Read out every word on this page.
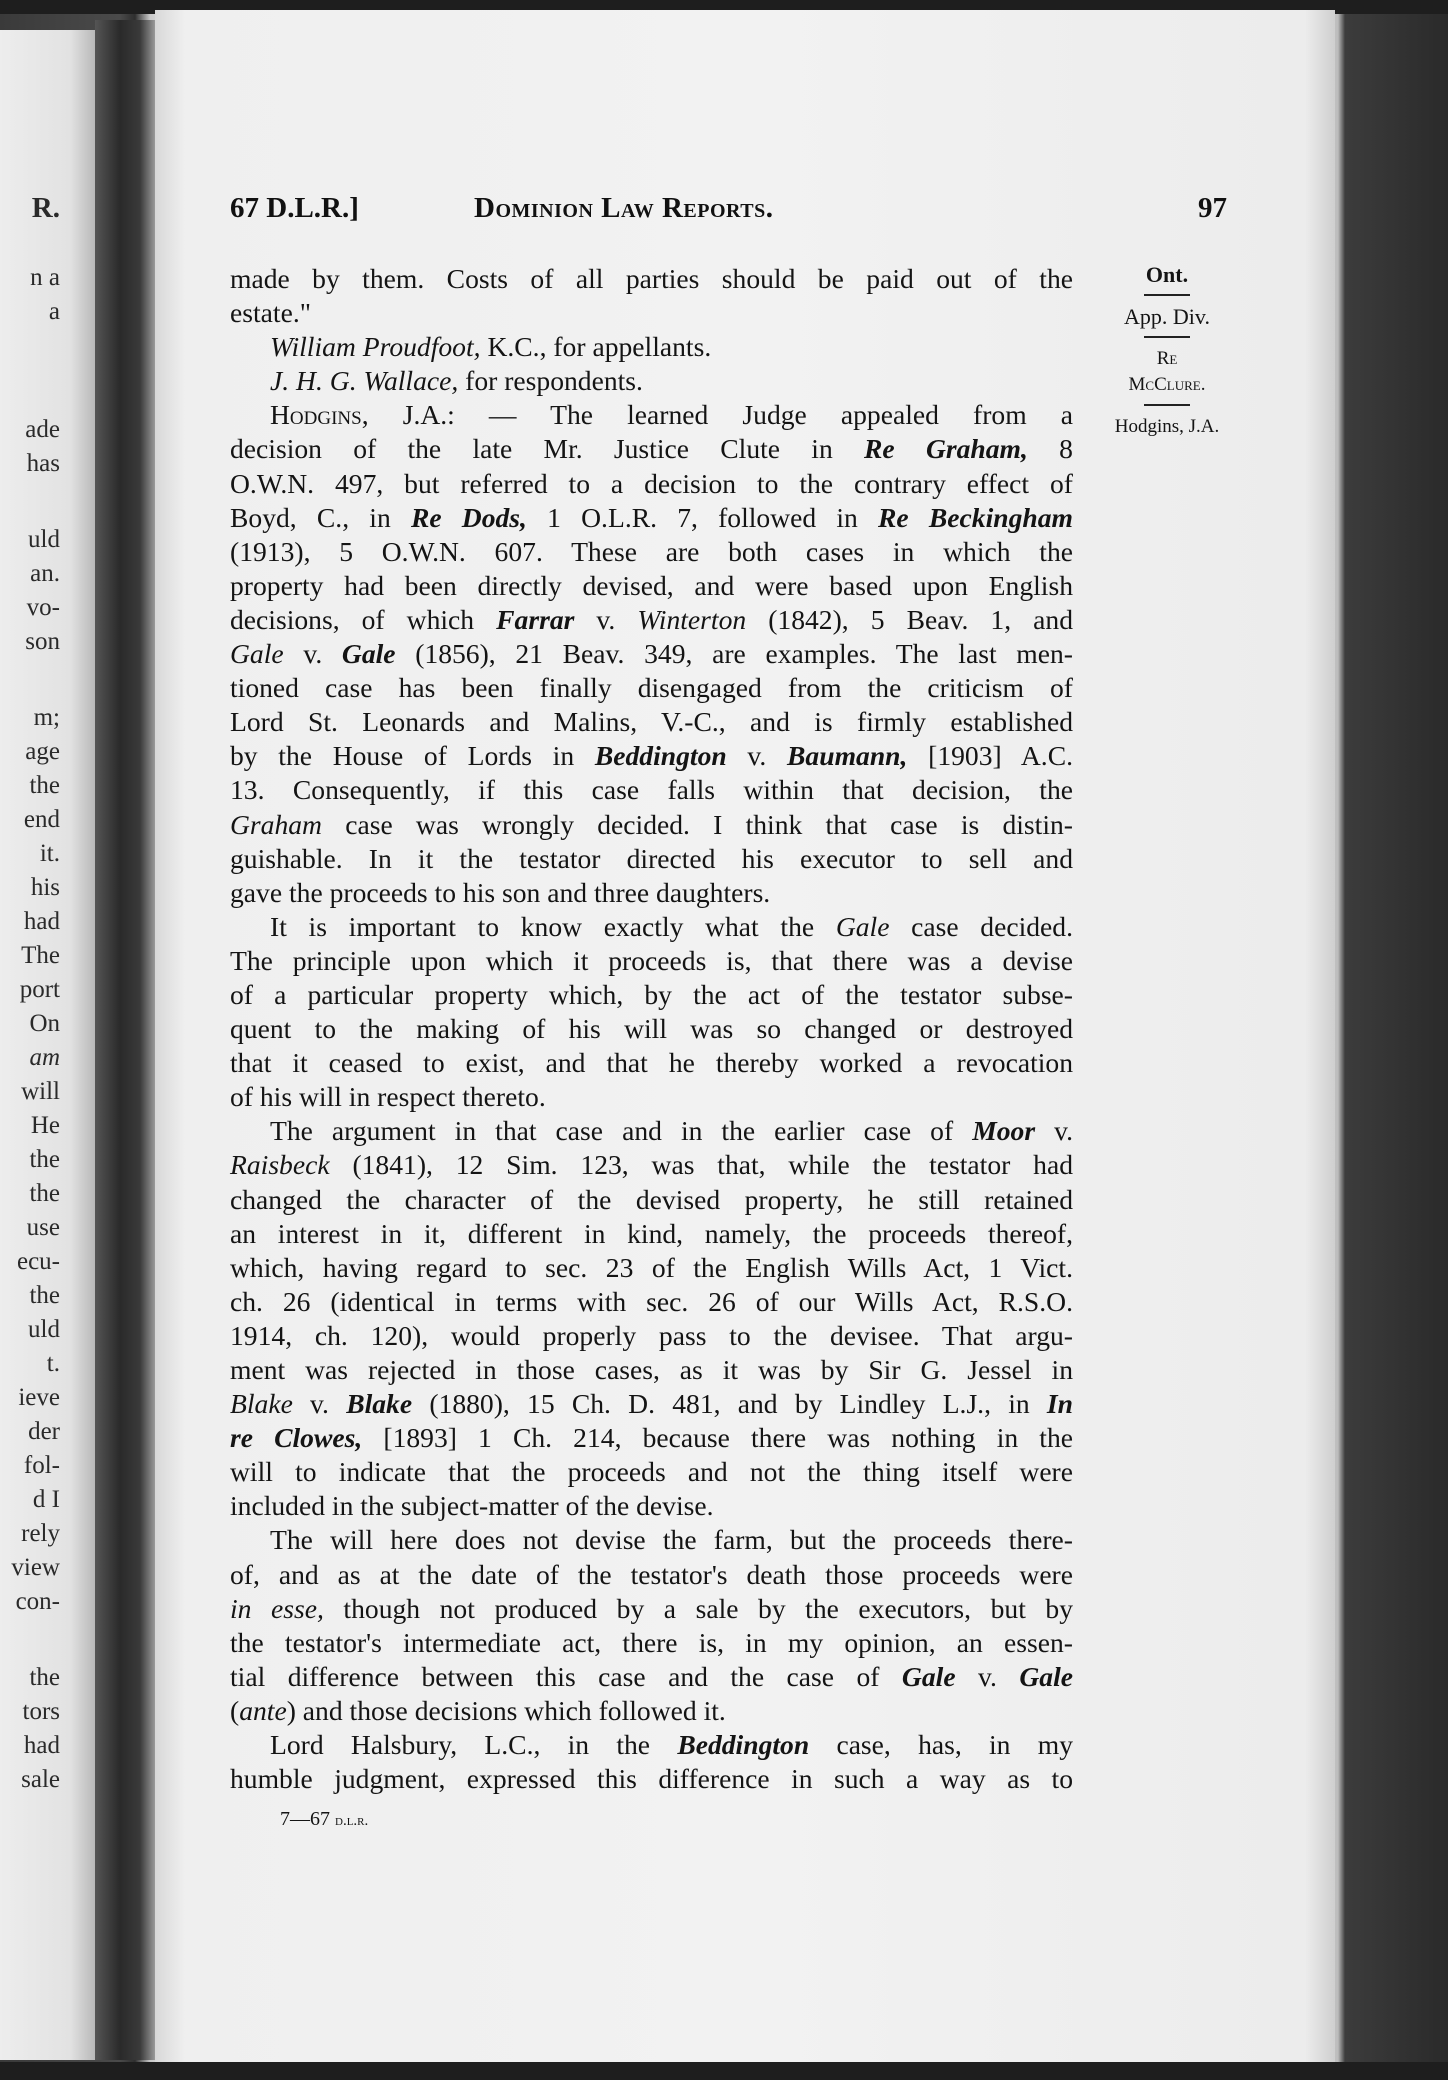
R.
n a
a
ade
has
uld
an.
vo-
son
m;
age
the
end
it.
his
had
The
port
On
am
will
He
the
the
use
ecu-
the
uld
t.
ieve
der
fol-
d I
rely
view
con-
the
tors
had
sale
67 D.L.R.]	Dominion Law Reports.	97
Ont.
App. Div.
Re
McClure.
Hodgins, J.A.
made by them. Costs of all parties should be paid out of the
estate."
William Proudfoot, K.C., for appellants.
J. H. G. Wallace, for respondents.
Hodgins, J.A.: — The learned Judge appealed from a
decision of the late Mr. Justice Clute in Re Graham, 8
O.W.N. 497, but referred to a decision to the contrary effect of
Boyd, C., in Re Dods, 1 O.L.R. 7, followed in Re Beckingham
(1913), 5 O.W.N. 607. These are both cases in which the
property had been directly devised, and were based upon English
decisions, of which Farrar v. Winterton (1842), 5 Beav. 1, and
Gale v. Gale (1856), 21 Beav. 349, are examples. The last men-
tioned case has been finally disengaged from the criticism of
Lord St. Leonards and Malins, V.-C., and is firmly established
by the House of Lords in Beddington v. Baumann, [1903] A.C.
13. Consequently, if this case falls within that decision, the
Graham case was wrongly decided. I think that case is distin-
guishable. In it the testator directed his executor to sell and
gave the proceeds to his son and three daughters.
It is important to know exactly what the Gale case decided.
The principle upon which it proceeds is, that there was a devise
of a particular property which, by the act of the testator subse-
quent to the making of his will was so changed or destroyed
that it ceased to exist, and that he thereby worked a revocation
of his will in respect thereto.
The argument in that case and in the earlier case of Moor v.
Raisbeck (1841), 12 Sim. 123, was that, while the testator had
changed the character of the devised property, he still retained
an interest in it, different in kind, namely, the proceeds thereof,
which, having regard to sec. 23 of the English Wills Act, 1 Vict.
ch. 26 (identical in terms with sec. 26 of our Wills Act, R.S.O.
1914, ch. 120), would properly pass to the devisee. That argu-
ment was rejected in those cases, as it was by Sir G. Jessel in
Blake v. Blake (1880), 15 Ch. D. 481, and by Lindley L.J., in In
re Clowes, [1893] 1 Ch. 214, because there was nothing in the
will to indicate that the proceeds and not the thing itself were
included in the subject-matter of the devise.
The will here does not devise the farm, but the proceeds there-
of, and as at the date of the testator's death those proceeds were
in esse, though not produced by a sale by the executors, but by
the testator's intermediate act, there is, in my opinion, an essen-
tial difference between this case and the case of Gale v. Gale
(ante) and those decisions which followed it.
Lord Halsbury, L.C., in the Beddington case, has, in my
humble judgment, expressed this difference in such a way as to
7—67 d.l.r.
